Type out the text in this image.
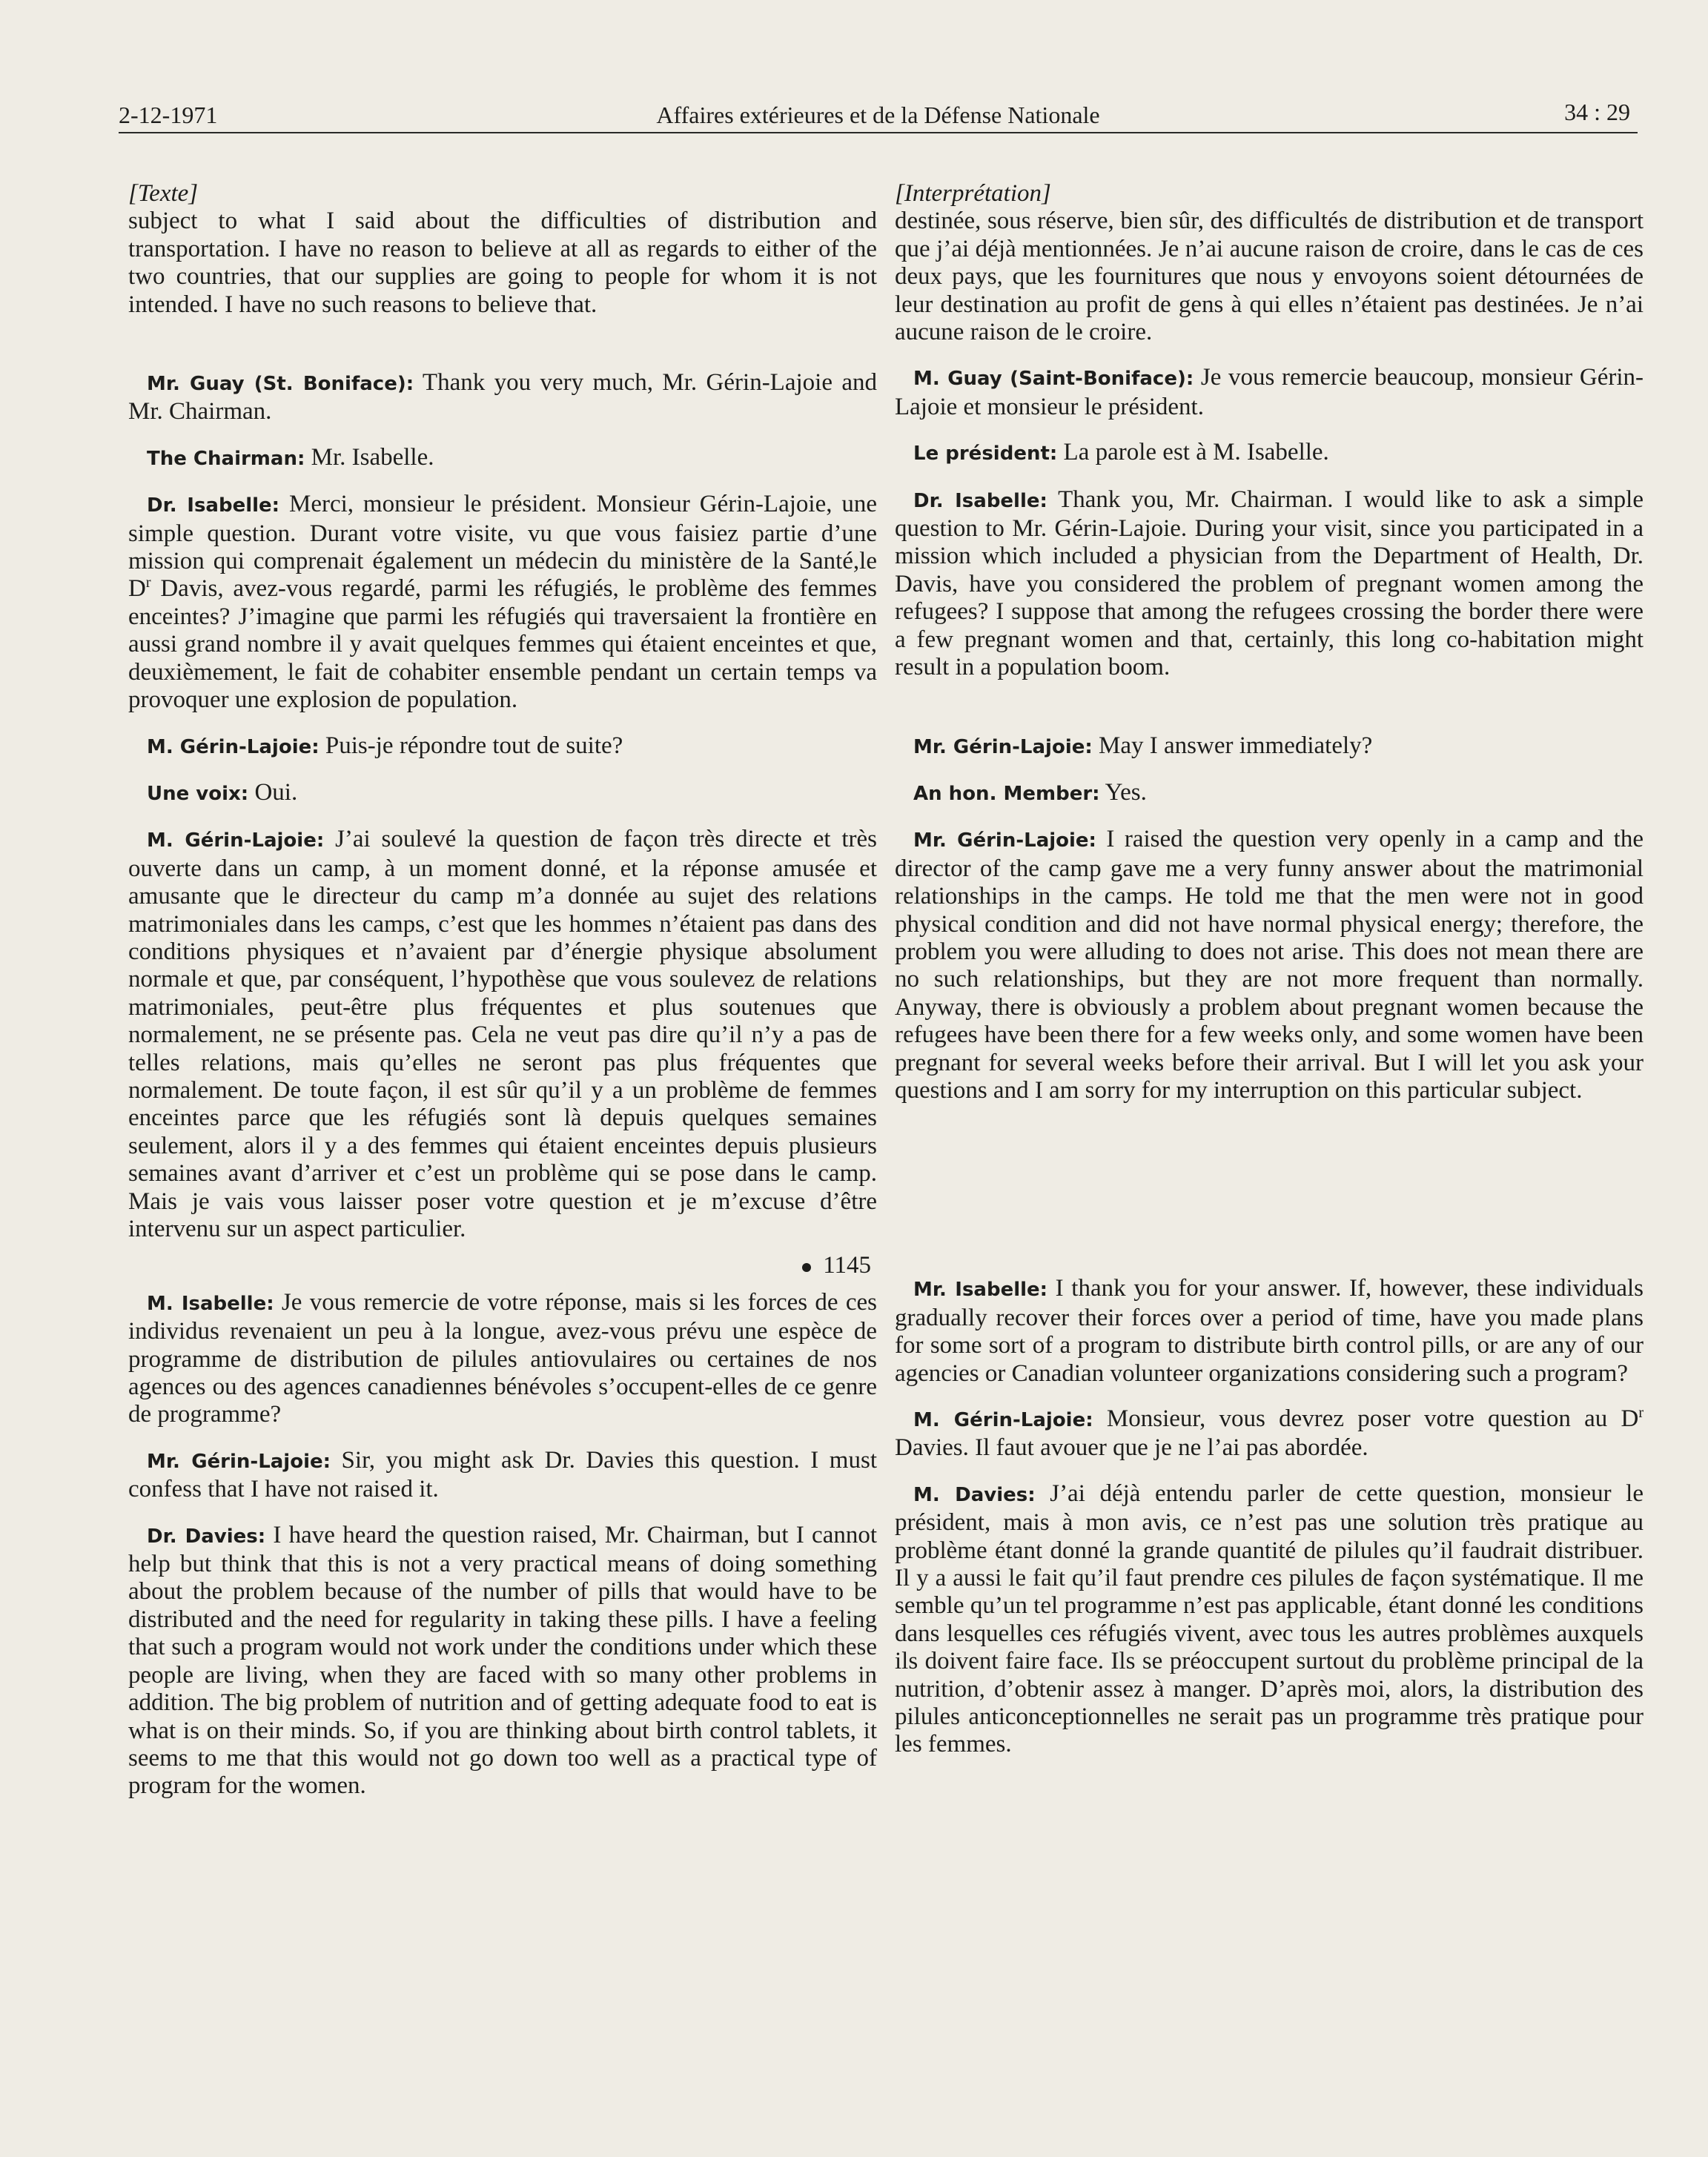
2-12-1971	Affaires extérieures et de la Défense Nationale	34 : 29
[Texte]

subject to what I said about the difficulties of distribution and transportation. I have no reason to believe at all as regards to either of the two countries, that our supplies are going to people for whom it is not intended. I have no such reasons to believe that.

Mr. Guay (St. Boniface): Thank you very much, Mr. Gérin-Lajoie and Mr. Chairman.

The Chairman: Mr. Isabelle.

Dr. Isabelle: Merci, monsieur le président. Monsieur Gérin-Lajoie, une simple question. Durant votre visite, vu que vous faisiez partie d’une mission qui comprenait également un médecin du ministère de la Santé,le $D^r$ Davis, avez-vous regardé, parmi les réfugiés, le problème des femmes enceintes? J’imagine que parmi les réfugiés qui traversaient la frontière en aussi grand nombre il y avait quelques femmes qui étaient enceintes et que, deuxièmement, le fait de cohabiter ensemble pendant un certain temps va provoquer une explosion de population.

M. Gérin-Lajoie: Puis-je répondre tout de suite?

Une voix: Oui.

M. Gérin-Lajoie: J’ai soulevé la question de façon très directe et très ouverte dans un camp, à un moment donné, et la réponse amusée et amusante que le directeur du camp m’a donnée au sujet des relations matrimoniales dans les camps, c’est que les hommes n’étaient pas dans des conditions physiques et n’avaient par d’énergie physique absolument normale et que, par conséquent, l’hypothèse que vous soulevez de relations matrimoniales, peut-être plus fréquentes et plus soutenues que normalement, ne se présente pas. Cela ne veut pas dire qu’il n’y a pas de telles relations, mais qu’elles ne seront pas plus fréquentes que normalement. De toute façon, il est sûr qu’il y a un problème de femmes enceintes parce que les réfugiés sont là depuis quelques semaines seulement, alors il y a des femmes qui étaient enceintes depuis plusieurs semaines avant d’arriver et c’est un problème qui se pose dans le camp. Mais je vais vous laisser poser votre question et je m’excuse d’être intervenu sur un aspect particulier.

1145

M. Isabelle: Je vous remercie de votre réponse, mais si les forces de ces individus revenaient un peu à la longue, avez-vous prévu une espèce de programme de distribution de pilules antiovulaires ou certaines de nos agences ou des agences canadiennes bénévoles s’occupent-elles de ce genre de programme?

Mr. Gérin-Lajoie: Sir, you might ask Dr. Davies this question. I must confess that I have not raised it.

Dr. Davies: I have heard the question raised, Mr. Chairman, but I cannot help but think that this is not a very practical means of doing something about the problem because of the number of pills that would have to be distributed and the need for regularity in taking these pills. I have a feeling that such a program would not work under the conditions under which these people are living, when they are faced with so many other problems in addition. The big problem of nutrition and of getting adequate food to eat is what is on their minds. So, if you are thinking about birth control tablets, it seems to me that this would not go down too well as a practical type of program for the women.

[Interprétation]

destinée, sous réserve, bien sûr, des difficultés de distribution et de transport que j’ai déjà mentionnées. Je n’ai aucune raison de croire, dans le cas de ces deux pays, que les fournitures que nous y envoyons soient détournées de leur destination au profit de gens à qui elles n’étaient pas destinées. Je n’ai aucune raison de le croire.

M. Guay (Saint-Boniface): Je vous remercie beaucoup, monsieur Gérin-Lajoie et monsieur le président.

Le président: La parole est à M. Isabelle.

Dr. Isabelle: Thank you, Mr. Chairman. I would like to ask a simple question to Mr. Gérin-Lajoie. During your visit, since you participated in a mission which included a physician from the Department of Health, Dr. Davis, have you considered the problem of pregnant women among the refugees? I suppose that among the refugees crossing the border there were a few pregnant women and that, certainly, this long co-habitation might result in a population boom.

Mr. Gérin-Lajoie: May I answer immediately?

An hon. Member: Yes.

Mr. Gérin-Lajoie: I raised the question very openly in a camp and the director of the camp gave me a very funny answer about the matrimonial relationships in the camps. He told me that the men were not in good physical condition and did not have normal physical energy; therefore, the problem you were alluding to does not arise. This does not mean there are no such relationships, but they are not more frequent than normally. Anyway, there is obviously a problem about pregnant women because the refugees have been there for a few weeks only, and some women have been pregnant for several weeks before their arrival. But I will let you ask your questions and I am sorry for my interruption on this particular subject.

Mr. Isabelle: I thank you for your answer. If, however, these individuals gradually recover their forces over a period of time, have you made plans for some sort of a program to distribute birth control pills, or are any of our agencies or Canadian volunteer organizations considering such a program?

M. Gérin-Lajoie: Monsieur, vous devrez poser votre question au $D^r$ Davies. Il faut avouer que je ne l’ai pas abordée.

M. Davies: J’ai déjà entendu parler de cette question, monsieur le président, mais à mon avis, ce n’est pas une solution très pratique au problème étant donné la grande quantité de pilules qu’il faudrait distribuer. Il y a aussi le fait qu’il faut prendre ces pilules de façon systématique. Il me semble qu’un tel programme n’est pas applicable, étant donné les conditions dans lesquelles ces réfugiés vivent, avec tous les autres problèmes auxquels ils doivent faire face. Ils se préoccupent surtout du problème principal de la nutrition, d’obtenir assez à manger. D’après moi, alors, la distribution des pilules anticonceptionnelles ne serait pas un programme très pratique pour les femmes.
